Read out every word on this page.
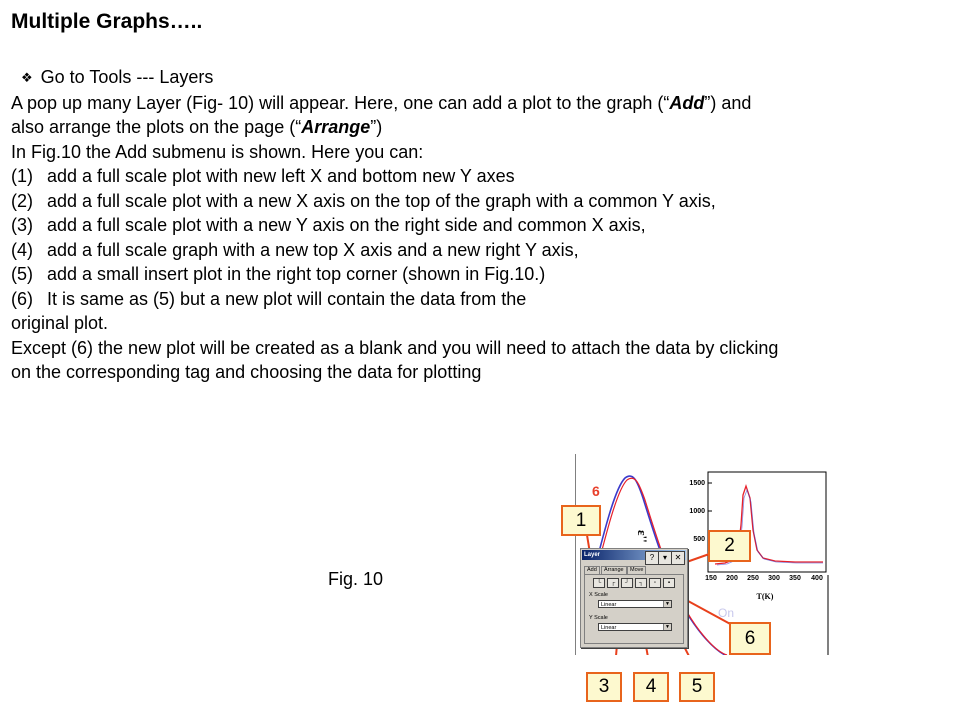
Multiple Graphs…..

❖ Go to Tools --- Layers

A pop up many Layer (Fig- 10) will appear. Here, one can add a plot to the graph (“Add”) and

also arrange the plots on the page (“Arrange”)

In Fig.10 the Add submenu is shown. Here you can:

(1) add a full scale plot with new left X and bottom new Y axes

(2) add a full scale plot with a new X axis on the top of the graph with a common Y axis,

(3) add a full scale plot with a new Y axis on the right side and common X axis,

(4) add a full scale graph with a new top X axis and a new right Y axis,

(5) add a small insert plot in the right top corner (shown in Fig.10.)

(6) It is same as (5) but a new plot will contain the data from the

original plot.

Except (6) the new plot will be created as a blank and you will need to attach the data by clicking

on the corresponding tag and choosing the data for plotting

Fig. 10

6
ε''
1500
1000
500
150 200 250 300 350 400
T(K)
On
Layer	?	▾ ✕
Add	Arrange	Move
└	┌	┘	┐	▫	▪
X Scale
Linear	▼
Y Scale
Linear	▼
1
2
3	4	5
6
